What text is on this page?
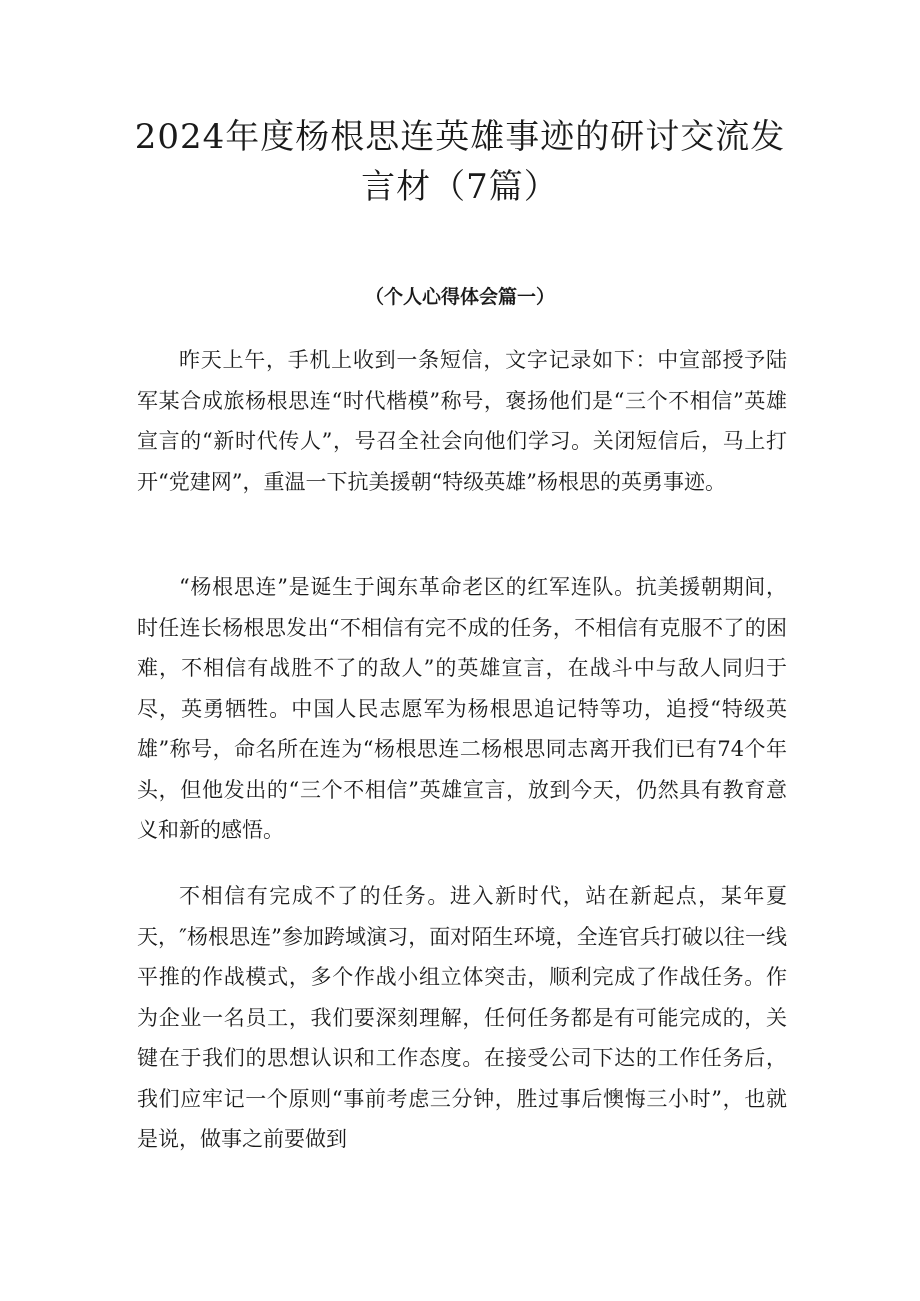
2024年度杨根思连英雄事迹的研讨交流发
言材（7篇）
（个人心得体会篇一）

昨天上午，手机上收到一条短信，文字记录如下：中宣部授予陆军某合成旅杨根思连“时代楷模”称号，褒扬他们是“三个不相信”英雄宣言的“新时代传人”，号召全社会向他们学习。关闭短信后，马上打开“党建网”，重温一下抗美援朝“特级英雄”杨根思的英勇事迹。

“杨根思连”是诞生于闽东革命老区的红军连队。抗美援朝期间，时任连长杨根思发出“不相信有完不成的任务，不相信有克服不了的困难，不相信有战胜不了的敌人”的英雄宣言，在战斗中与敌人同归于尽，英勇牺牲。中国人民志愿军为杨根思追记特等功，追授“特级英雄”称号，命名所在连为“杨根思连二杨根思同志离开我们已有74个年头，但他发出的“三个不相信”英雄宣言，放到今天，仍然具有教育意义和新的感悟。

不相信有完成不了的任务。进入新时代，站在新起点，某年夏天，″杨根思连”参加跨域演习，面对陌生环境，全连官兵打破以往一线平推的作战模式，多个作战小组立体突击，顺利完成了作战任务。作为企业一名员工，我们要深刻理解，任何任务都是有可能完成的，关键在于我们的思想认识和工作态度。在接受公司下达的工作任务后，我们应牢记一个原则“事前考虑三分钟，胜过事后懊悔三小时”，也就是说，做事之前要做到
